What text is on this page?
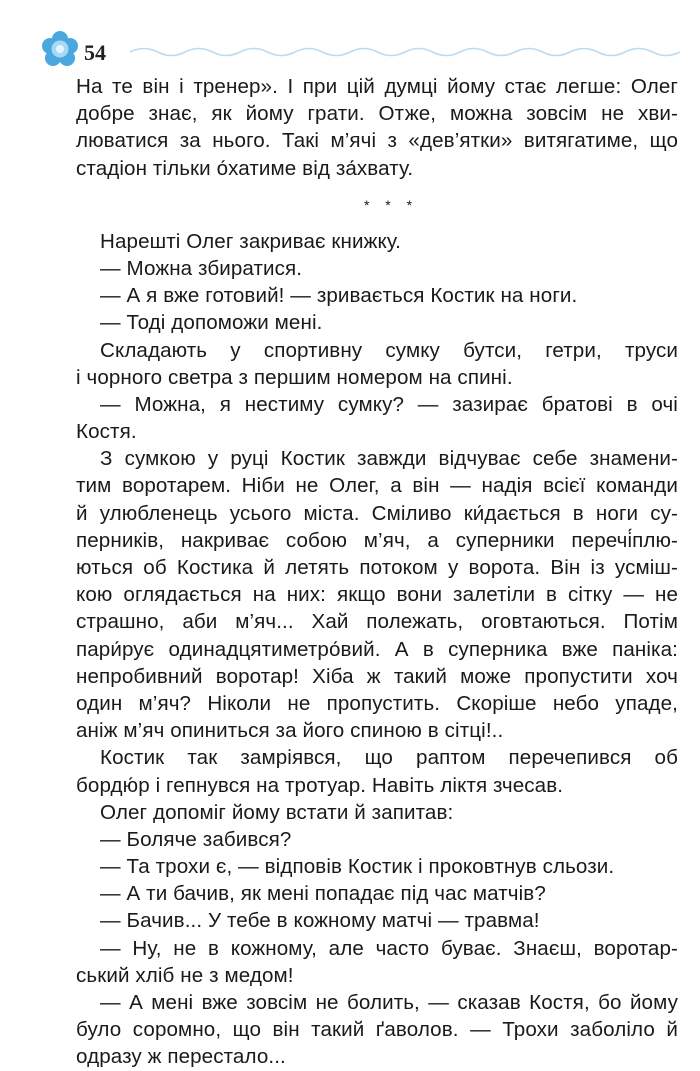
54
На те він і тренер». І при цій думці йому стає легше: Олег
добре знає, як йому грати. Отже, можна зовсім не хви-
люватися за нього. Такі м’ячі з «дев’ятки» витягатиме, що
стадіон тільки о́хатиме від за́хвату.
* * *
Нарешті Олег закриває книжку.
— Можна збиратися.
— А я вже готовий! — зривається Костик на ноги.
— Тоді допоможи мені.
Складають у спортивну сумку бутси, гетри, труси
і чорного светра з першим номером на спині.
— Можна, я нестиму сумку? — зазирає братові в очі
Костя.
З сумкою у руці Костик завжди відчуває себе знамени-
тим воротарем. Ніби не Олег, а він — надія всієї команди
й улюбленець усього міста. Сміливо ки́дається в ноги су-
перників, накриває собою м’яч, а суперники перечі́плю-
ються об Костика й летять потоком у ворота. Він із усміш-
кою оглядається на них: якщо вони залетіли в сітку — не
страшно, аби м’яч... Хай полежать, оговтаються. Потім
пари́рує одинадцятиметро́вий. А в суперника вже паніка:
непробивний воротар! Хіба ж такий може пропустити хоч
один м’яч? Ніколи не пропустить. Скоріше небо упаде,
аніж м’яч опиниться за його спиною в сітці!..
Костик так замріявся, що раптом перечепився об
бордю́р і гепнувся на тротуар. Навіть ліктя зчесав.
Олег допоміг йому встати й запитав:
— Боляче забився?
— Та трохи є, — відповів Костик і проковтнув сльози.
— А ти бачив, як мені попадає під час матчів?
— Бачив... У тебе в кожному матчі — травма!
— Ну, не в кожному, але часто буває. Знаєш, воротар-
ський хліб не з медом!
— А мені вже зовсім не болить, — сказав Костя, бо йому
було соромно, що він такий ґаволов. — Трохи заболіло й
одразу ж перестало...
